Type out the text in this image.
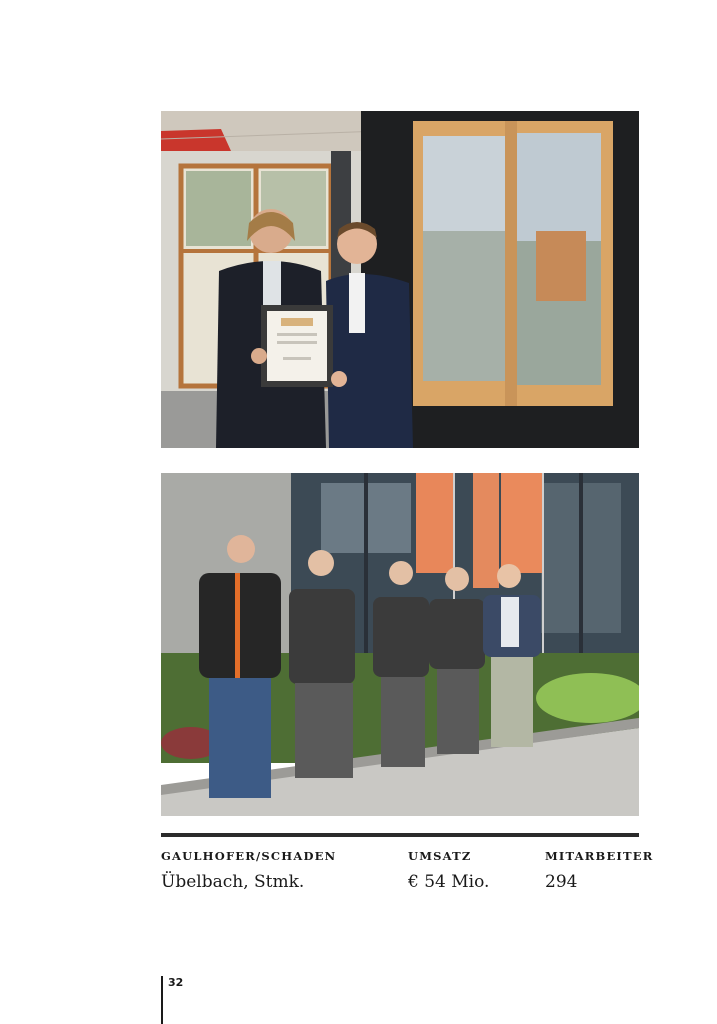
GAULHOFER/SCHADEN
Übelbach, Stmk.
UMSATZ
€ 54 Mio.
MITARBEITER
294
32
